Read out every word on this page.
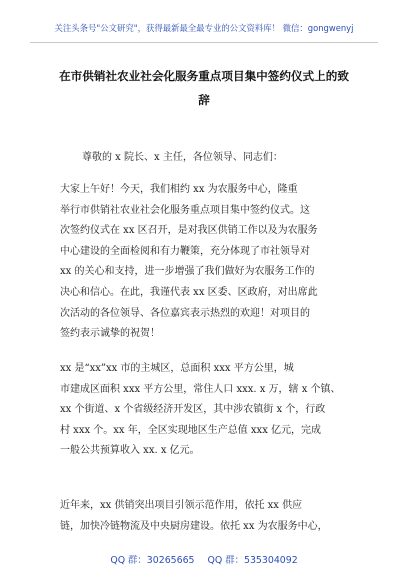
关注头条号"公文研究"，获得最新最全最专业的公文资料库！ 微信：gongwenyj
在市供销社农业社会化服务重点项目集中签约仪式上的致
辞
尊敬的 x 院长、x 主任，各位领导、同志们：
大家上午好！今天，我们相约 xx 为农服务中心，隆重
举行市供销社农业社会化服务重点项目集中签约仪式。这
次签约仪式在 xx 区召开，是对我区供销工作以及为农服务
中心建设的全面检阅和有力鞭策，充分体现了市社领导对
xx 的关心和支持，进一步增强了我们做好为农服务工作的
决心和信心。在此，我谨代表 xx 区委、区政府，对出席此
次活动的各位领导、各位嘉宾表示热烈的欢迎！对项目的
签约表示诚挚的祝贺！
xx 是“xx”xx 市的主城区，总面积 xxx 平方公里，城
市建成区面积 xxx 平方公里，常住人口 xxx. x 万，辖 x 个镇、
xx 个街道、x 个省级经济开发区，其中涉农镇街 x 个，行政
村 xxx 个。xx 年，全区实现地区生产总值 xxx 亿元，完成
一般公共预算收入 xx. x 亿元。
近年来，xx 供销突出项目引领示范作用，依托 xx 供应
链，加快冷链物流及中央厨房建设。依托 xx 为农服务中心，
QQ 群：30265665 QQ 群：535304092
